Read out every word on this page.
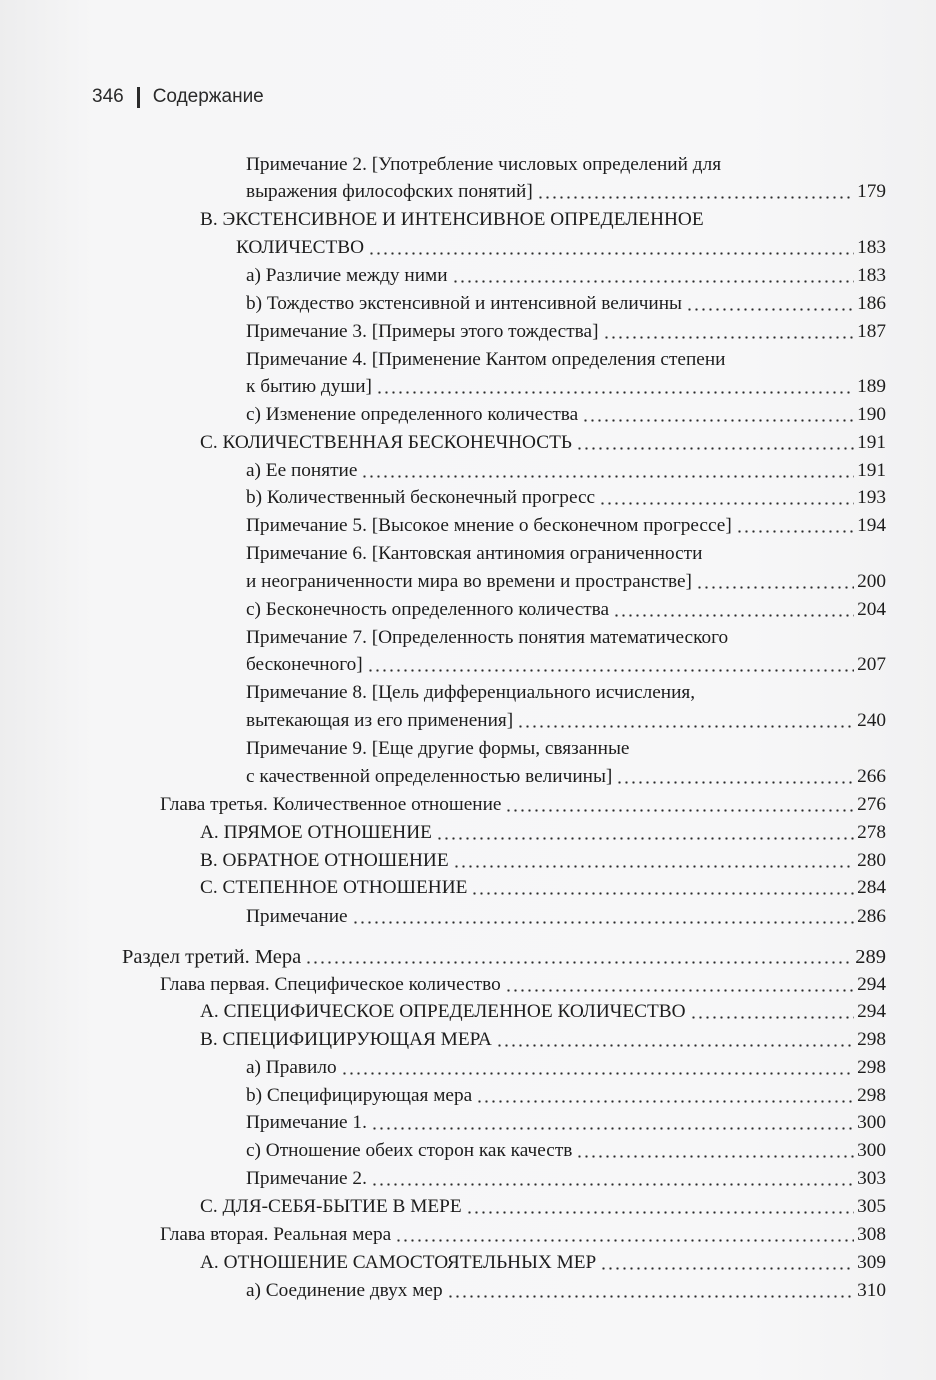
346 Содержание
Примечание 2. [Употребление числовых определений для
выражения философских понятий]	179
В. ЭКСТЕНСИВНОЕ И ИНТЕНСИВНОЕ ОПРЕДЕЛЕННОЕ
КОЛИЧЕСТВО	183
a) Различие между ними	183
b) Тождество экстенсивной и интенсивной величины	186
Примечание 3. [Примеры этого тождества]	187
Примечание 4. [Применение Кантом определения степени
к бытию души]	189
c) Изменение определенного количества	190
С. КОЛИЧЕСТВЕННАЯ БЕСКОНЕЧНОСТЬ	191
a) Ее понятие	191
b) Количественный бесконечный прогресс	193
Примечание 5. [Высокое мнение о бесконечном прогрессе]	194
Примечание 6. [Кантовская антиномия ограниченности
и неограниченности мира во времени и пространстве]	200
c) Бесконечность определенного количества	204
Примечание 7. [Определенность понятия математического
бесконечного]	207
Примечание 8. [Цель дифференциального исчисления,
вытекающая из его применения]	240
Примечание 9. [Еще другие формы, связанные
с качественной определенностью величины]	266
Глава третья. Количественное отношение	276
А. ПРЯМОЕ ОТНОШЕНИЕ	278
В. ОБРАТНОЕ ОТНОШЕНИЕ	280
С. СТЕПЕННОЕ ОТНОШЕНИЕ	284
Примечание	286
Раздел третий. Мера	289
Глава первая. Специфическое количество	294
А. СПЕЦИФИЧЕСКОЕ ОПРЕДЕЛЕННОЕ КОЛИЧЕСТВО	294
В. СПЕЦИФИЦИРУЮЩАЯ МЕРА	298
a) Правило	298
b) Специфицирующая мера	298
Примечание 1.	300
c) Отношение обеих сторон как качеств	300
Примечание 2.	303
С. ДЛЯ-СЕБЯ-БЫТИЕ В МЕРЕ	305
Глава вторая. Реальная мера	308
А. ОТНОШЕНИЕ САМОСТОЯТЕЛЬНЫХ МЕР	309
a) Соединение двух мер	310
